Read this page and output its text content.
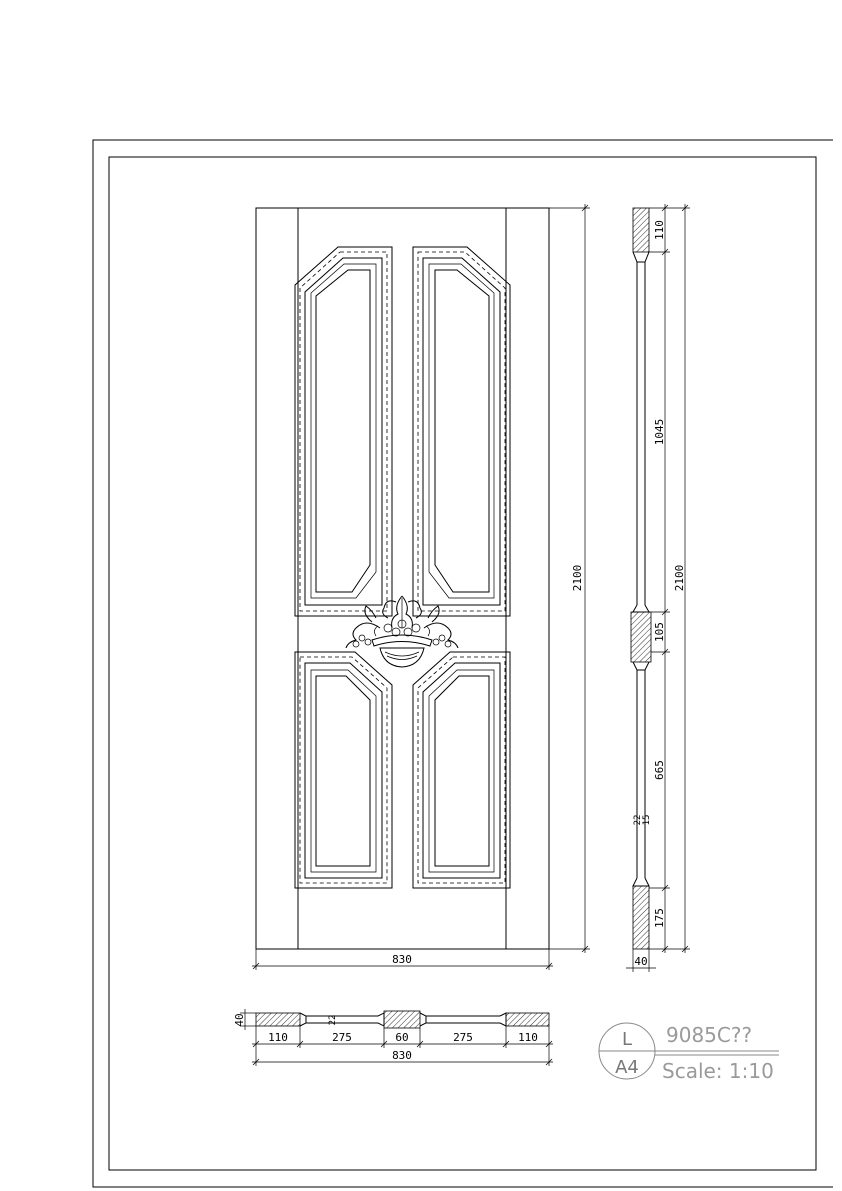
2100
830
110
1045
105
665
175
2100
22 15
40
40	22
110	275	60	275	110
830
L
A4
9085C??
Scale: 1:10
